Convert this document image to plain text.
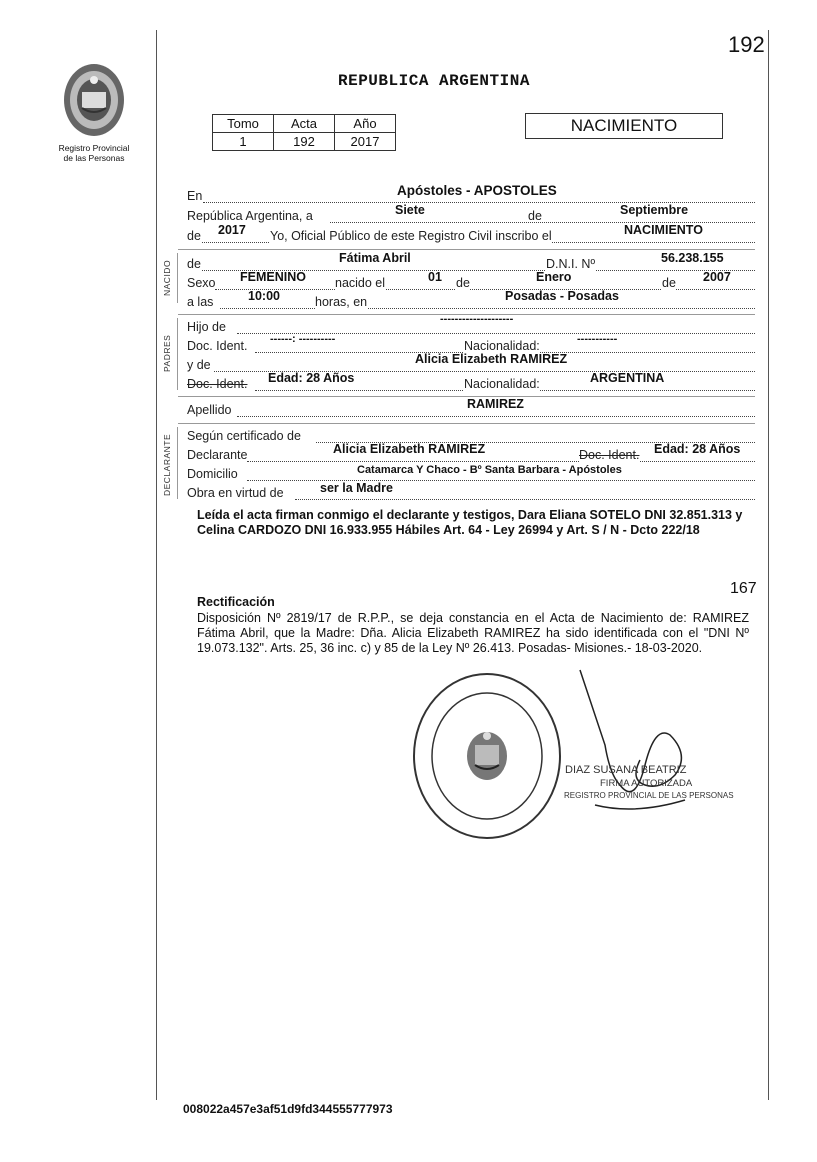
192
Registro Provincial
de las Personas
REPUBLICA ARGENTINA
Tomo	Acta	Año
1	192	2017
NACIMIENTO
En	Apóstoles - APOSTOLES
República Argentina, a	Siete	de	Septiembre
de 2017 Yo, Oficial Público de este Registro Civil inscribo el	NACIMIENTO
NACIDO de	Fátima Abril	D.N.I. Nº	56.238.155
Sexo FEMENINO nacido el	01 de	Enero	de 2007
a las	10:00	horas, en	Posadas - Posadas
PADRES
Hijo de
--------------------
Doc. Ident. ------: ----------	Nacionalidad:	-----------
y de	Alicia Elizabeth RAMIREZ
Doc. Ident. Edad: 28 Años	Nacionalidad:	ARGENTINA
Apellido	RAMIREZ
DECLARANTE Según certificado de
Declarante	Alicia Elizabeth RAMIREZ	Doc. Ident. Edad: 28 Años
Domicilio	Catamarca Y Chaco - Bº Santa Barbara - Apóstoles
Obra en virtud de	ser la Madre
Leída el acta firman conmigo el declarante y testigos, Dara Eliana SOTELO DNI 32.851.313 y Celina CARDOZO DNI 16.933.955 Hábiles Art. 64 - Ley 26994 y Art. S / N - Dcto 222/18
167
Rectificación
Disposición Nº 2819/17 de R.P.P., se deja constancia en el Acta de Nacimiento de: RAMIREZ Fátima Abril, que la Madre: Dña. Alicia Elizabeth RAMIREZ ha sido identificada con el "DNI Nº 19.073.132". Arts. 25, 36 inc. c) y 85 de la Ley Nº 26.413. Posadas- Misiones.- 18-03-2020.
DIAZ SUSANA BEATRIZ
FIRMA AUTORIZADA
REGISTRO PROVINCIAL DE LAS PERSONAS
008022a457e3af51d9fd344555777973
